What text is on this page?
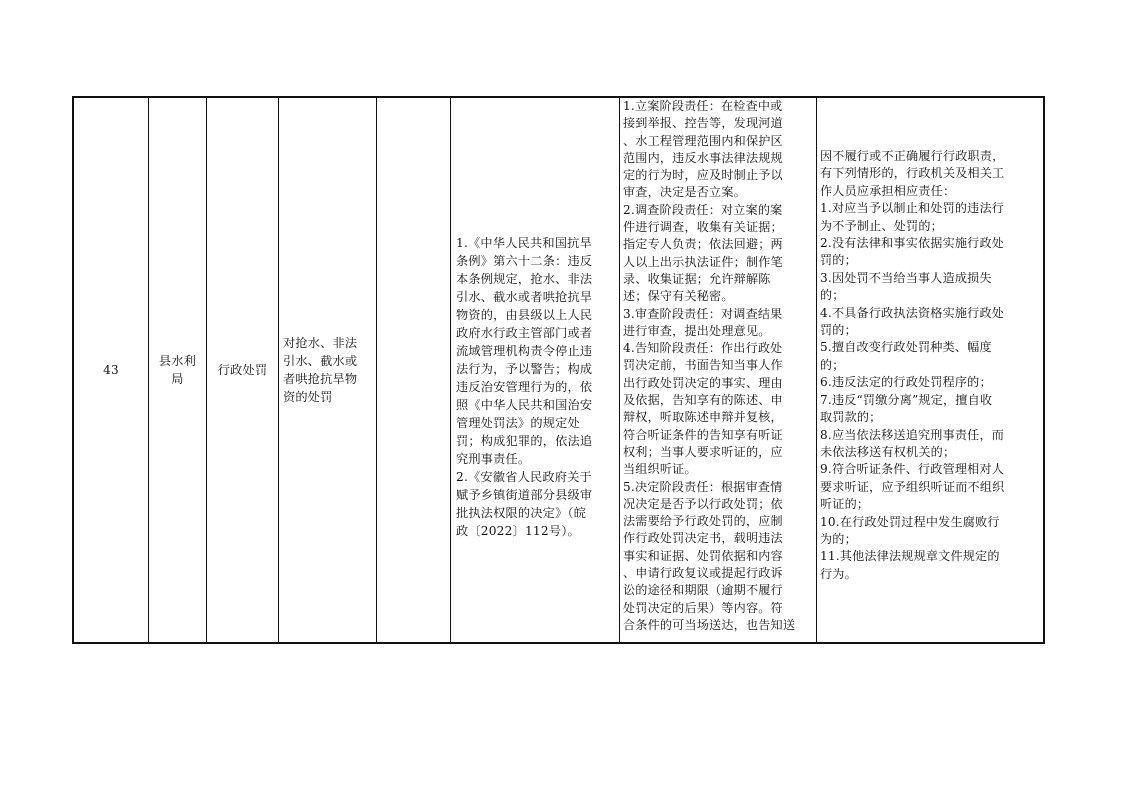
43
县水利
局
行政处罚
对抢水、非法
引水、截水或
者哄抢抗旱物
资的处罚
1.《中华人民共和国抗旱
条例》第六十二条：违反
本条例规定，抢水、非法
引水、截水或者哄抢抗旱
物资的，由县级以上人民
政府水行政主管部门或者
流域管理机构责令停止违
法行为，予以警告；构成
违反治安管理行为的，依
照《中华人民共和国治安
管理处罚法》的规定处
罚；构成犯罪的，依法追
究刑事责任。
2.《安徽省人民政府关于
赋予乡镇街道部分县级审
批执法权限的决定》（皖
政〔2022〕112号）。
1.立案阶段责任：在检查中或
接到举报、控告等，发现河道
、水工程管理范围内和保护区
范围内，违反水事法律法规规
定的行为时，应及时制止予以
审查，决定是否立案。
2.调查阶段责任：对立案的案
件进行调查，收集有关证据；
指定专人负责；依法回避；两
人以上出示执法证件；制作笔
录、收集证据；允许辩解陈
述；保守有关秘密。
3.审查阶段责任：对调查结果
进行审查，提出处理意见。
4.告知阶段责任：作出行政处
罚决定前，书面告知当事人作
出行政处罚决定的事实、理由
及依据，告知享有的陈述、申
辩权，听取陈述申辩并复核，
符合听证条件的告知享有听证
权利；当事人要求听证的，应
当组织听证。
5.决定阶段责任：根据审查情
况决定是否予以行政处罚；依
法需要给予行政处罚的，应制
作行政处罚决定书，载明违法
事实和证据、处罚依据和内容
、申请行政复议或提起行政诉
讼的途径和期限（逾期不履行
处罚决定的后果）等内容。符
合条件的可当场送达，也告知送
因不履行或不正确履行行政职责，
有下列情形的，行政机关及相关工
作人员应承担相应责任：
1.对应当予以制止和处罚的违法行
为不予制止、处罚的；
2.没有法律和事实依据实施行政处
罚的；
3.因处罚不当给当事人造成损失
的；
4.不具备行政执法资格实施行政处
罚的；
5.擅自改变行政处罚种类、幅度
的；
6.违反法定的行政处罚程序的；
7.违反“罚缴分离”规定，擅自收
取罚款的；
8.应当依法移送追究刑事责任，而
未依法移送有权机关的；
9.符合听证条件、行政管理相对人
要求听证，应予组织听证而不组织
听证的；
10.在行政处罚过程中发生腐败行
为的；
11.其他法律法规规章文件规定的
行为。
